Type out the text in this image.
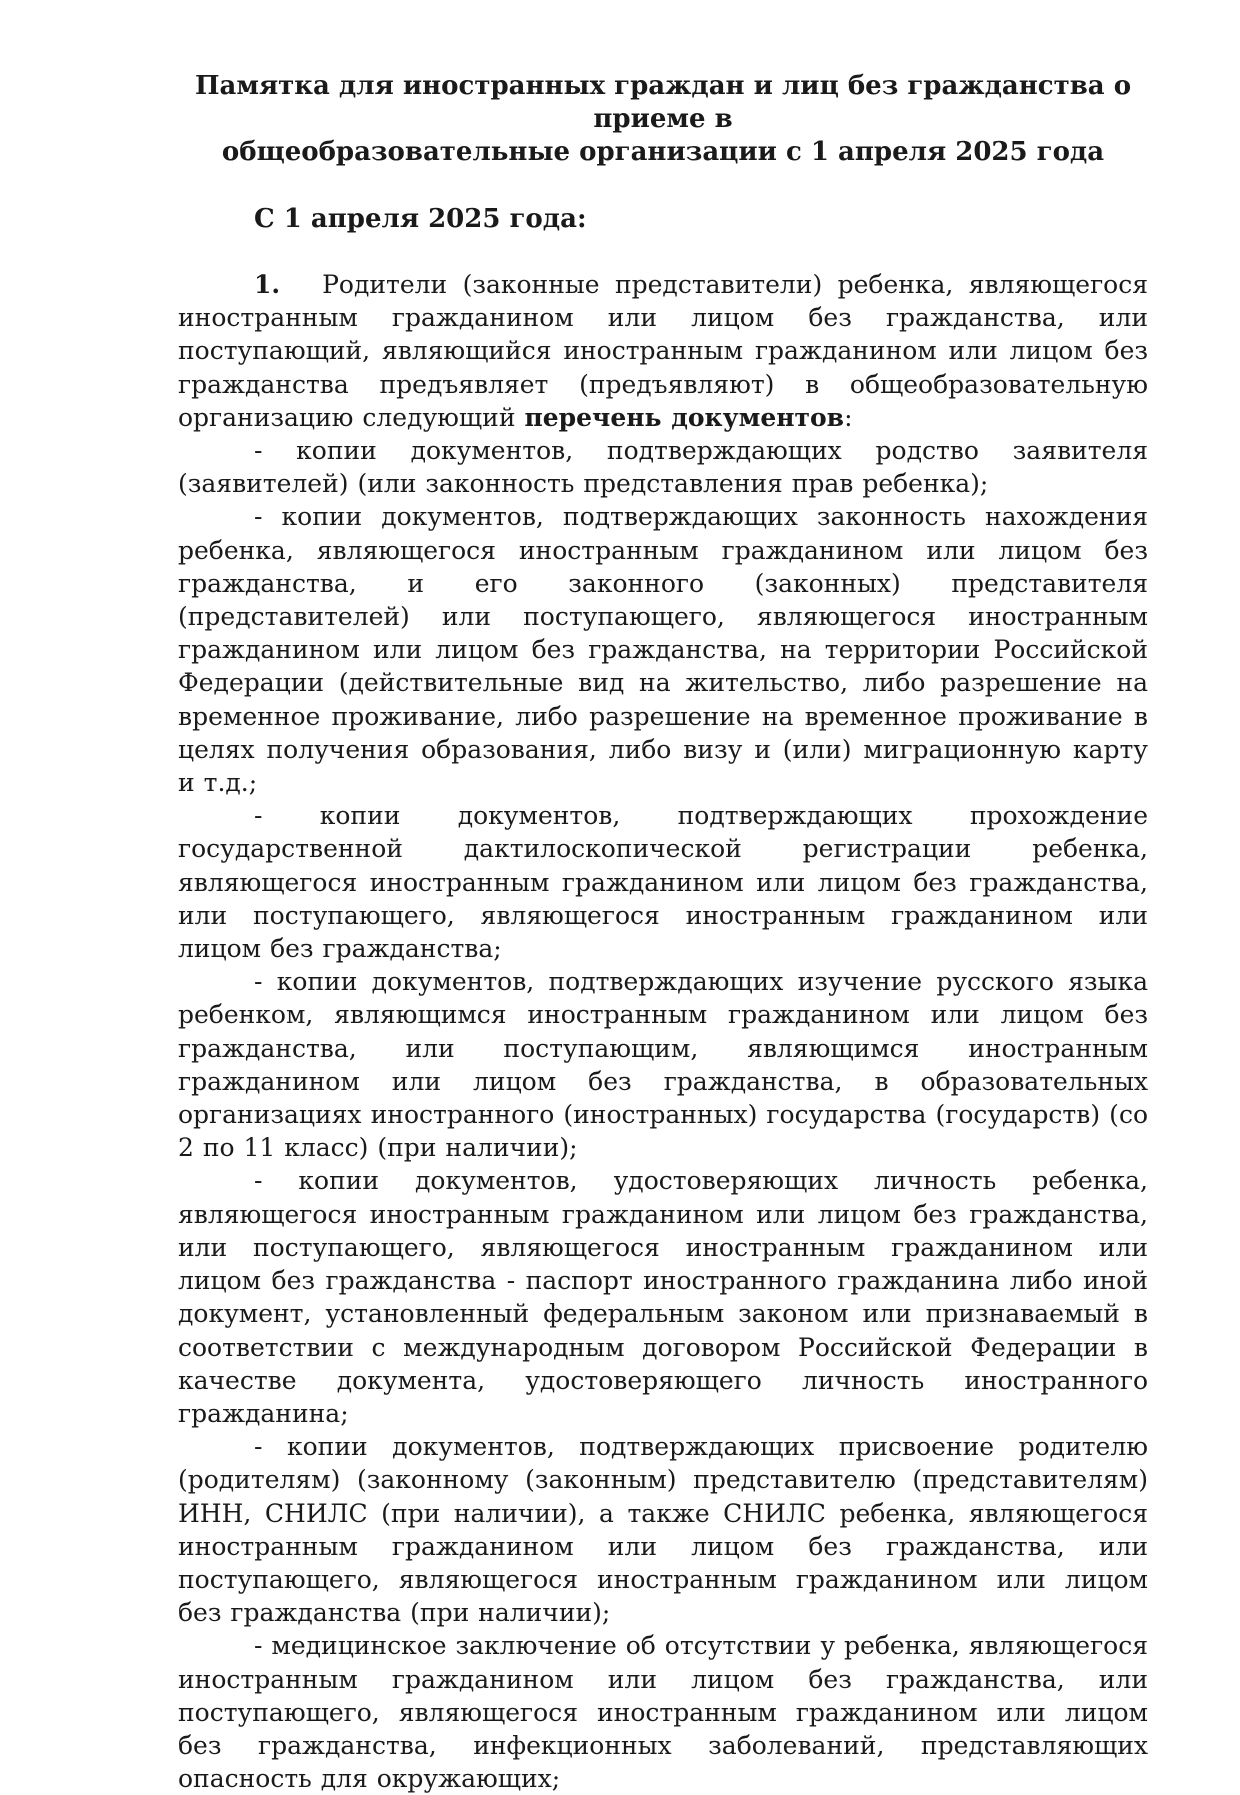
Памятка для иностранных граждан и лиц без гражданства о приеме в
общеобразовательные организации с 1 апреля 2025 года
С 1 апреля 2025 года:

1. Родители (законные представители) ребенка, являющегося иностранным гражданином или лицом без гражданства, или поступающий, являющийся иностранным гражданином или лицом без гражданства предъявляет (предъявляют) в общеобразовательную организацию следующий перечень документов:

- копии документов, подтверждающих родство заявителя (заявителей) (или законность представления прав ребенка);

- копии документов, подтверждающих законность нахождения ребенка, являющегося иностранным гражданином или лицом без гражданства, и его законного (законных) представителя (представителей) или поступающего, являющегося иностранным гражданином или лицом без гражданства, на территории Российской Федерации (действительные вид на жительство, либо разрешение на временное проживание, либо разрешение на временное проживание в целях получения образования, либо визу и (или) миграционную карту и т.д.;

- копии документов, подтверждающих прохождение государственной дактилоскопической регистрации ребенка, являющегося иностранным гражданином или лицом без гражданства, или поступающего, являющегося иностранным гражданином или лицом без гражданства;

- копии документов, подтверждающих изучение русского языка ребенком, являющимся иностранным гражданином или лицом без гражданства, или поступающим, являющимся иностранным гражданином или лицом без гражданства, в образовательных организациях иностранного (иностранных) государства (государств) (со 2 по 11 класс) (при наличии);

- копии документов, удостоверяющих личность ребенка, являющегося иностранным гражданином или лицом без гражданства, или поступающего, являющегося иностранным гражданином или лицом без гражданства - паспорт иностранного гражданина либо иной документ, установленный федеральным законом или признаваемый в соответствии с международным договором Российской Федерации в качестве документа, удостоверяющего личность иностранного гражданина;

- копии документов, подтверждающих присвоение родителю (родителям) (законному (законным) представителю (представителям) ИНН, СНИЛС (при наличии), а также СНИЛС ребенка, являющегося иностранным гражданином или лицом без гражданства, или поступающего, являющегося иностранным гражданином или лицом без гражданства (при наличии);

- медицинское заключение об отсутствии у ребенка, являющегося иностранным гражданином или лицом без гражданства, или поступающего, являющегося иностранным гражданином или лицом без гражданства, инфекционных заболеваний, представляющих опасность для окружающих;
